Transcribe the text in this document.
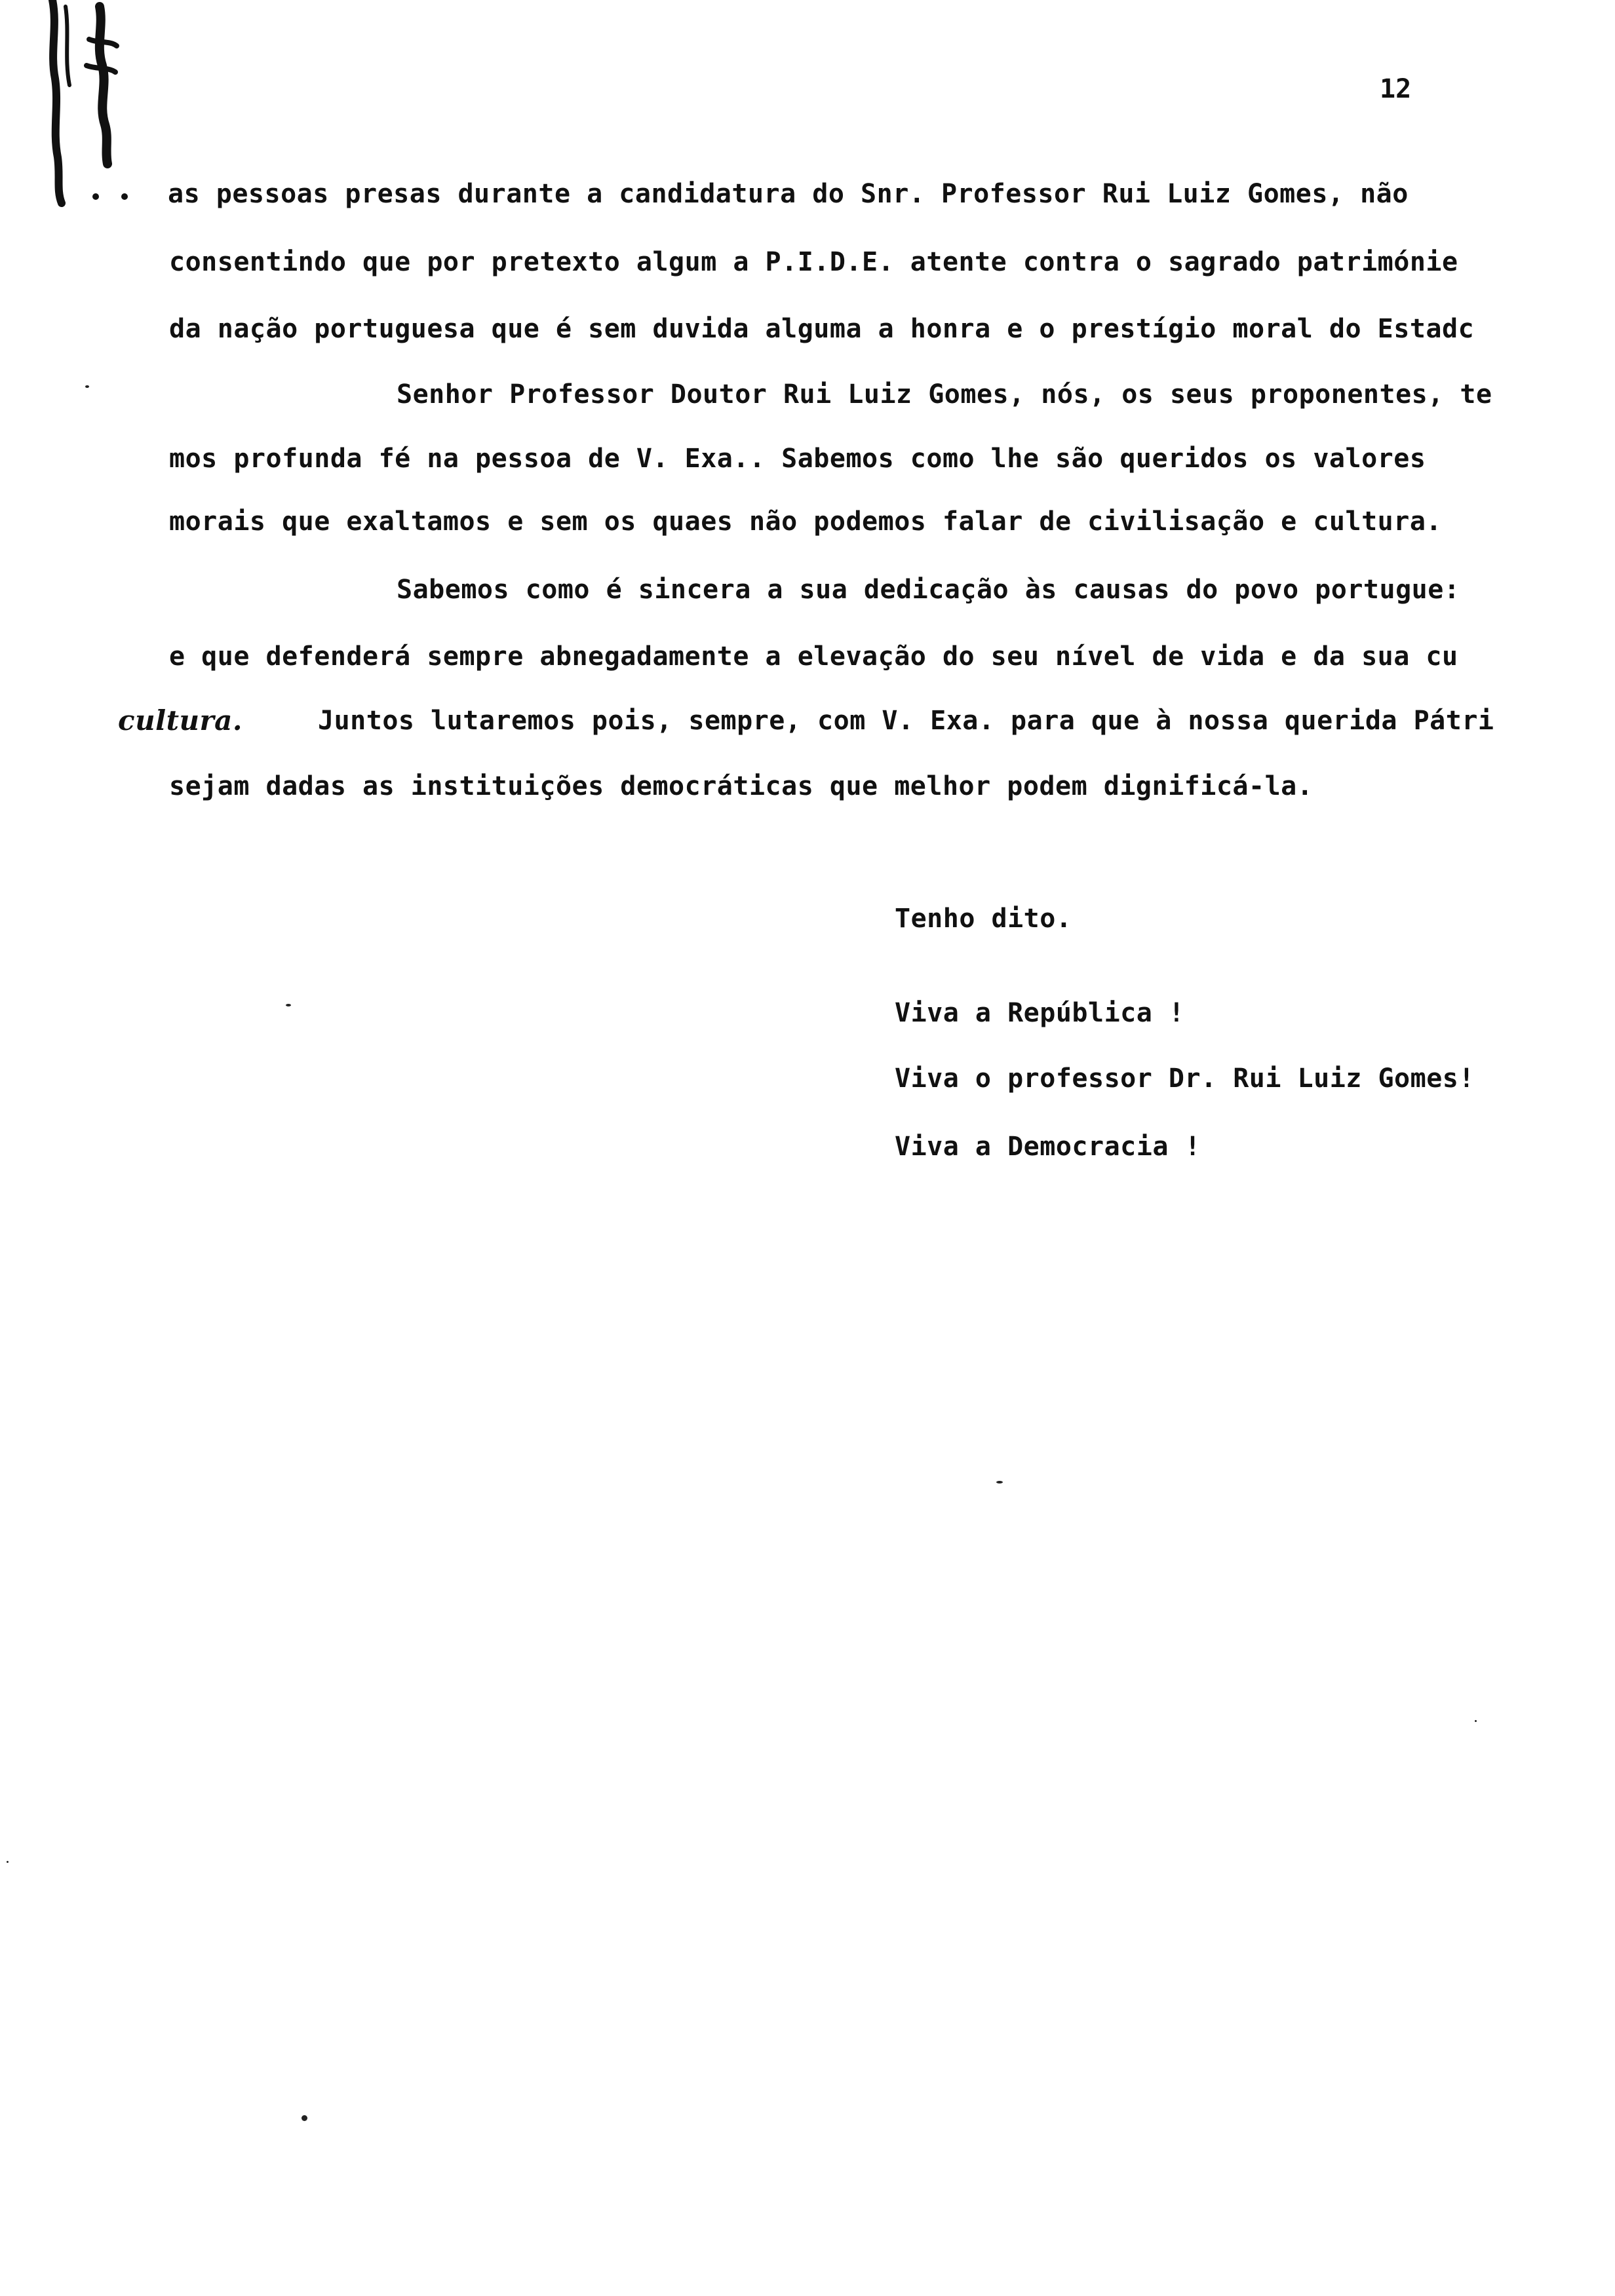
12
as pessoas presas durante a candidatura do Snr. Professor Rui Luiz Gomes, não
consentindo que por pretexto algum a P.I.D.E. atente contra o sagrado patrimónie
da nação portuguesa que é sem duvida alguma a honra e o prestígio moral do Estadc
Senhor Professor Doutor Rui Luiz Gomes, nós, os seus proponentes, te
mos profunda fé na pessoa de V. Exa.. Sabemos como lhe são queridos os valores
morais que exaltamos e sem os quaes não podemos falar de civilisação e cultura.
Sabemos como é sincera a sua dedicação às causas do povo portugue:
e que defenderá sempre abnegadamente a elevação do seu nível de vida e da sua cu
cultura.	Juntos lutaremos pois, sempre, com V. Exa. para que à nossa querida Pátri
sejam dadas as instituições democráticas que melhor podem dignificá-la.
Tenho dito.
Viva a República !
Viva o professor Dr. Rui Luiz Gomes!
Viva a Democracia !
